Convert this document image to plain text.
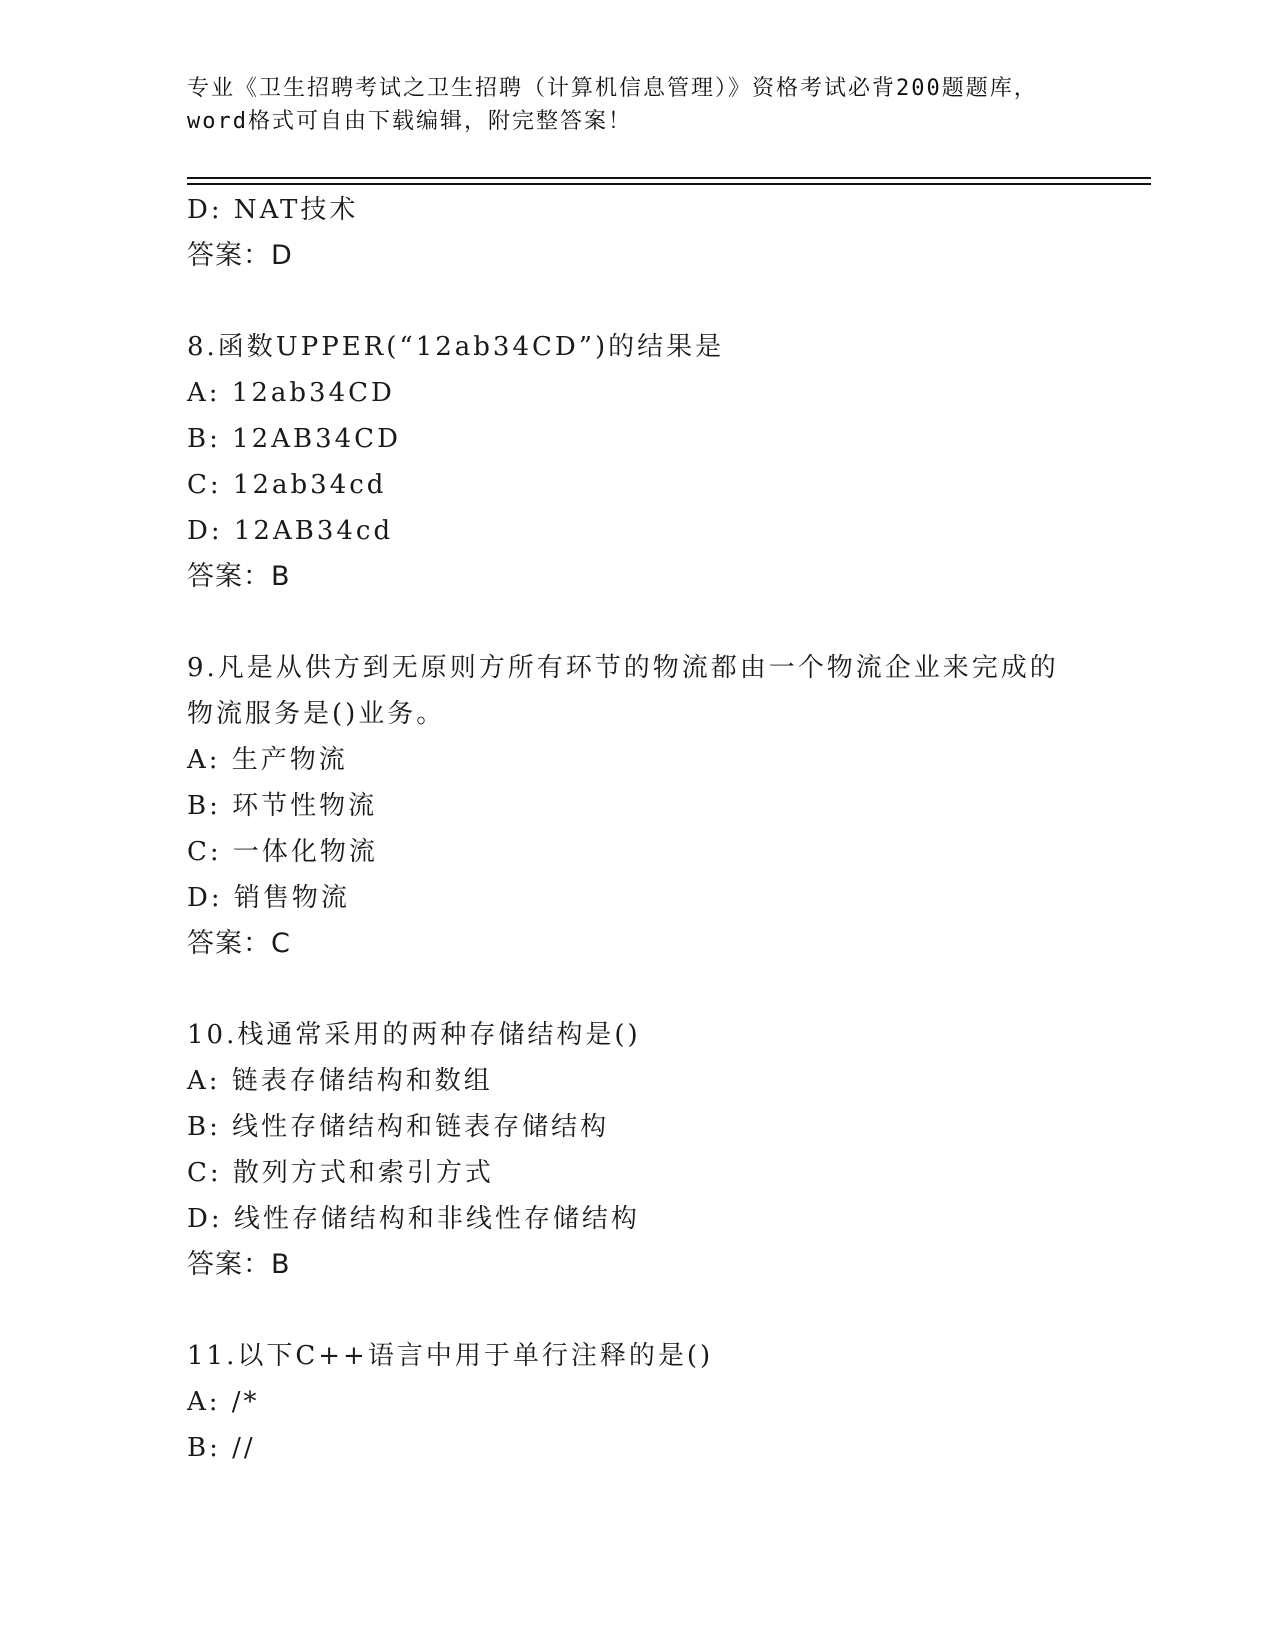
专业《卫生招聘考试之卫生招聘（计算机信息管理）》资格考试必背200题题库，
word格式可自由下载编辑，附完整答案！
D: NAT技术
答案：D
8.函数UPPER(“12ab34CD”)的结果是
A: 12ab34CD
B: 12AB34CD
C: 12ab34cd
D: 12AB34cd
答案：B
9.凡是从供方到无原则方所有环节的物流都由一个物流企业来完成的
物流服务是()业务。
A: 生产物流
B: 环节性物流
C: 一体化物流
D: 销售物流
答案：C
10.栈通常采用的两种存储结构是()
A: 链表存储结构和数组
B: 线性存储结构和链表存储结构
C: 散列方式和索引方式
D: 线性存储结构和非线性存储结构
答案：B
11.以下C++语言中用于单行注释的是()
A: /*
B: //
